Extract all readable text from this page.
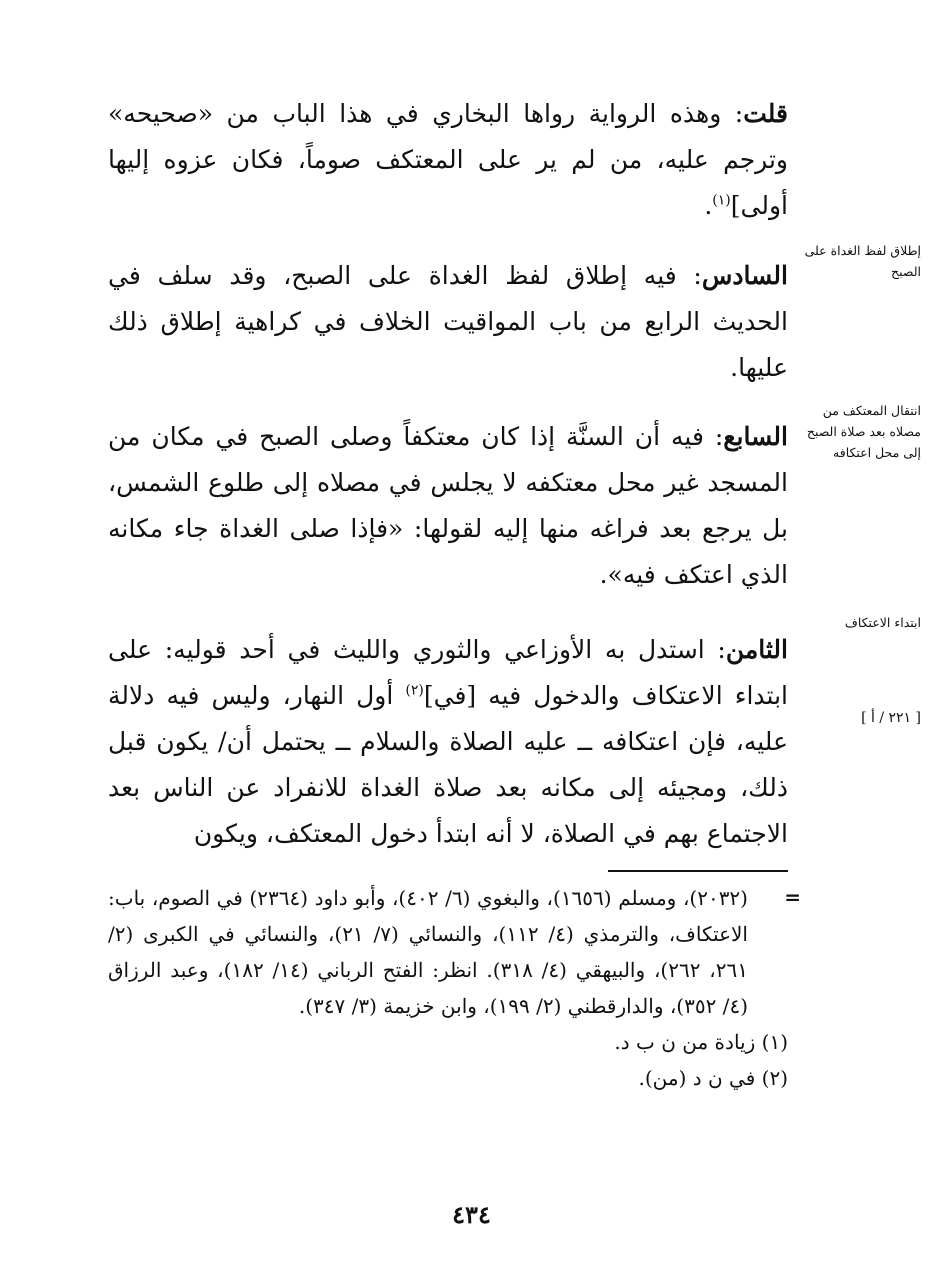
قلت: وهذه الرواية رواها البخاري في هذا الباب من «صحيحه» وترجم عليه، من لم ير على المعتكف صوماً، فكان عزوه إليها أولى]$^{(١)}$.

إطلاق لفظ الغداة على الصبح

السادس: فيه إطلاق لفظ الغداة على الصبح، وقد سلف في الحديث الرابع من باب المواقيت الخلاف في كراهية إطلاق ذلك عليها.

انتقال المعتكف من مصلاه بعد صلاة الصبح إلى محل اعتكافه

السابع: فيه أن السنَّة إذا كان معتكفاً وصلى الصبح في مكان من المسجد غير محل معتكفه لا يجلس في مصلاه إلى طلوع الشمس، بل يرجع بعد فراغه منها إليه لقولها: «فإذا صلى الغداة جاء مكانه الذي اعتكف فيه».

ابتداء الاعتكاف
[ ٢٢١ / أ ]

الثامن: استدل به الأوزاعي والثوري والليث في أحد قوليه: على ابتداء الاعتكاف والدخول فيه [في]$^{(٢)}$ أول النهار، وليس فيه دلالة عليه، فإن اعتكافه ــ عليه الصلاة والسلام ــ يحتمل أن/ يكون قبل ذلك، ومجيئه إلى مكانه بعد صلاة الغداة للانفراد عن الناس بعد الاجتماع بهم في الصلاة، لا أنه ابتدأ دخول المعتكف، ويكون

=

(٢٠٣٢)، ومسلم (١٦٥٦)، والبغوي (٦/ ٤٠٢)، وأبو داود (٢٣٦٤) في الصوم، باب: الاعتكاف، والترمذي (٤/ ١١٢)، والنسائي (٧/ ٢١)، والنسائي في الكبرى (٢/ ٢٦١، ٢٦٢)، والبيهقي (٤/ ٣١٨). انظر: الفتح الرباني (١٤/ ١٨٢)، وعبد الرزاق (٤/ ٣٥٢)، والدارقطني (٢/ ١٩٩)، وابن خزيمة (٣/ ٣٤٧).

(١) زيادة من ن ب د.

(٢) في ن د (من).

٤٣٤
